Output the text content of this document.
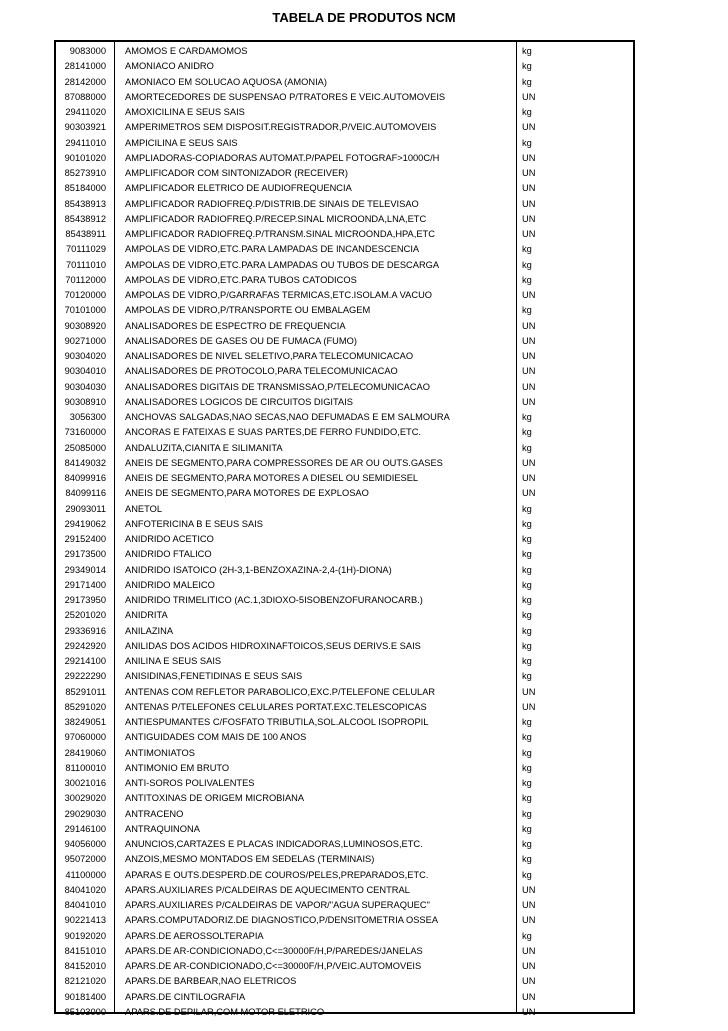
TABELA DE PRODUTOS NCM
9083000 AMOMOS E CARDAMOMOS	kg
28141000 AMONIACO ANIDRO	kg
28142000 AMONIACO EM SOLUCAO AQUOSA (AMONIA)	kg
87088000 AMORTECEDORES DE SUSPENSAO P/TRATORES E VEIC.AUTOMOVEIS	UN
29411020 AMOXICILINA E SEUS SAIS	kg
90303921 AMPERIMETROS SEM DISPOSIT.REGISTRADOR,P/VEIC.AUTOMOVEIS	UN
29411010 AMPICILINA E SEUS SAIS	kg
90101020 AMPLIADORAS-COPIADORAS AUTOMAT.P/PAPEL FOTOGRAF>1000C/H	UN
85273910 AMPLIFICADOR COM SINTONIZADOR (RECEIVER)	UN
85184000 AMPLIFICADOR ELETRICO DE AUDIOFREQUENCIA	UN
85438913 AMPLIFICADOR RADIOFREQ.P/DISTRIB.DE SINAIS DE TELEVISAO	UN
85438912 AMPLIFICADOR RADIOFREQ.P/RECEP.SINAL MICROONDA,LNA,ETC	UN
85438911 AMPLIFICADOR RADIOFREQ.P/TRANSM.SINAL MICROONDA,HPA,ETC	UN
70111029 AMPOLAS DE VIDRO,ETC.PARA LAMPADAS DE INCANDESCENCIA	kg
70111010 AMPOLAS DE VIDRO,ETC.PARA LAMPADAS OU TUBOS DE DESCARGA	kg
70112000 AMPOLAS DE VIDRO,ETC.PARA TUBOS CATODICOS	kg
70120000 AMPOLAS DE VIDRO,P/GARRAFAS TERMICAS,ETC.ISOLAM.A VACUO	UN
70101000 AMPOLAS DE VIDRO,P/TRANSPORTE OU EMBALAGEM	kg
90308920 ANALISADORES DE ESPECTRO DE FREQUENCIA	UN
90271000 ANALISADORES DE GASES OU DE FUMACA (FUMO)	UN
90304020 ANALISADORES DE NIVEL SELETIVO,PARA TELECOMUNICACAO	UN
90304010 ANALISADORES DE PROTOCOLO,PARA TELECOMUNICACAO	UN
90304030 ANALISADORES DIGITAIS DE TRANSMISSAO,P/TELECOMUNICACAO	UN
90308910 ANALISADORES LOGICOS DE CIRCUITOS DIGITAIS	UN
3056300 ANCHOVAS SALGADAS,NAO SECAS,NAO DEFUMADAS E EM SALMOURA	kg
73160000 ANCORAS E FATEIXAS E SUAS PARTES,DE FERRO FUNDIDO,ETC.	kg
25085000 ANDALUZITA,CIANITA E SILIMANITA	kg
84149032 ANEIS DE SEGMENTO,PARA COMPRESSORES DE AR OU OUTS.GASES	UN
84099916 ANEIS DE SEGMENTO,PARA MOTORES A DIESEL OU SEMIDIESEL	UN
84099116 ANEIS DE SEGMENTO,PARA MOTORES DE EXPLOSAO	UN
29093011 ANETOL	kg
29419062 ANFOTERICINA B E SEUS SAIS	kg
29152400 ANIDRIDO ACETICO	kg
29173500 ANIDRIDO FTALICO	kg
29349014 ANIDRIDO ISATOICO (2H-3,1-BENZOXAZINA-2,4-(1H)-DIONA)	kg
29171400 ANIDRIDO MALEICO	kg
29173950 ANIDRIDO TRIMELITICO (AC.1,3DIOXO-5ISOBENZOFURANOCARB.)	kg
25201020 ANIDRITA	kg
29336916 ANILAZINA	kg
29242920 ANILIDAS DOS ACIDOS HIDROXINAFTOICOS,SEUS DERIVS.E SAIS	kg
29214100 ANILINA E SEUS SAIS	kg
29222290 ANISIDINAS,FENETIDINAS E SEUS SAIS	kg
85291011 ANTENAS COM REFLETOR PARABOLICO,EXC.P/TELEFONE CELULAR	UN
85291020 ANTENAS P/TELEFONES CELULARES PORTAT.EXC.TELESCOPICAS	UN
38249051 ANTIESPUMANTES C/FOSFATO TRIBUTILA,SOL.ALCOOL ISOPROPIL	kg
97060000 ANTIGUIDADES COM MAIS DE 100 ANOS	kg
28419060 ANTIMONIATOS	kg
81100010 ANTIMONIO EM BRUTO	kg
30021016 ANTI-SOROS POLIVALENTES	kg
30029020 ANTITOXINAS DE ORIGEM MICROBIANA	kg
29029030 ANTRACENO	kg
29146100 ANTRAQUINONA	kg
94056000 ANUNCIOS,CARTAZES E PLACAS INDICADORAS,LUMINOSOS,ETC.	kg
95072000 ANZOIS,MESMO MONTADOS EM SEDELAS (TERMINAIS)	kg
41100000 APARAS E OUTS.DESPERD.DE COUROS/PELES,PREPARADOS,ETC.	kg
84041020 APARS.AUXILIARES P/CALDEIRAS DE AQUECIMENTO CENTRAL	UN
84041010 APARS.AUXILIARES P/CALDEIRAS DE VAPOR/"AGUA SUPERAQUEC"	UN
90221413 APARS.COMPUTADORIZ.DE DIAGNOSTICO,P/DENSITOMETRIA OSSEA	UN
90192020 APARS.DE AEROSSOLTERAPIA	kg
84151010 APARS.DE AR-CONDICIONADO,C<=30000F/H,P/PAREDES/JANELAS	UN
84152010 APARS.DE AR-CONDICIONADO,C<=30000F/H,P/VEIC.AUTOMOVEIS	UN
82121020 APARS.DE BARBEAR,NAO ELETRICOS	UN
90181400 APARS.DE CINTILOGRAFIA	UN
85103000 APARS.DE DEPILAR,COM MOTOR ELETRICO	UN
